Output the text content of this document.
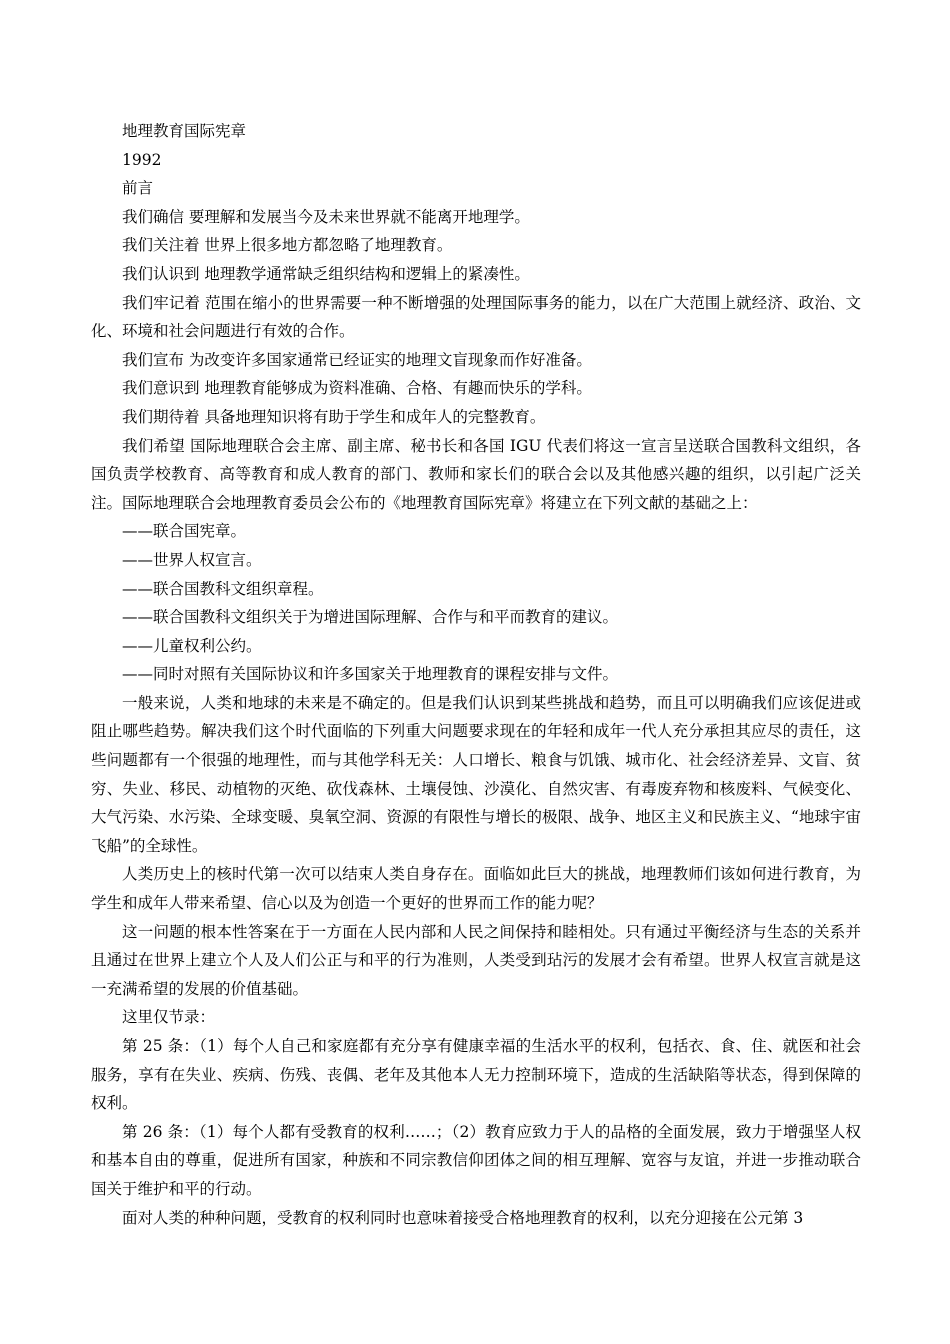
地理教育国际宪章

1992

前言

我们确信 要理解和发展当今及未来世界就不能离开地理学。

我们关注着 世界上很多地方都忽略了地理教育。

我们认识到 地理教学通常缺乏组织结构和逻辑上的紧凑性。

我们牢记着 范围在缩小的世界需要一种不断增强的处理国际事务的能力，以在广大范围上就经济、政治、文化、环境和社会问题进行有效的合作。

我们宣布 为改变许多国家通常已经证实的地理文盲现象而作好准备。

我们意识到 地理教育能够成为资料准确、合格、有趣而快乐的学科。

我们期待着 具备地理知识将有助于学生和成年人的完整教育。

我们希望 国际地理联合会主席、副主席、秘书长和各国 IGU 代表们将这一宣言呈送联合国教科文组织，各国负责学校教育、高等教育和成人教育的部门、教师和家长们的联合会以及其他感兴趣的组织，以引起广泛关注。国际地理联合会地理教育委员会公布的《地理教育国际宪章》将建立在下列文献的基础之上：

——联合国宪章。

——世界人权宣言。

——联合国教科文组织章程。

——联合国教科文组织关于为增进国际理解、合作与和平而教育的建议。

——儿童权利公约。

——同时对照有关国际协议和许多国家关于地理教育的课程安排与文件。

一般来说，人类和地球的未来是不确定的。但是我们认识到某些挑战和趋势，而且可以明确我们应该促进或阻止哪些趋势。解决我们这个时代面临的下列重大问题要求现在的年轻和成年一代人充分承担其应尽的责任，这些问题都有一个很强的地理性，而与其他学科无关：人口增长、粮食与饥饿、城市化、社会经济差异、文盲、贫穷、失业、移民、动植物的灭绝、砍伐森林、土壤侵蚀、沙漠化、自然灾害、有毒废弃物和核废料、气候变化、大气污染、水污染、全球变暖、臭氧空洞、资源的有限性与增长的极限、战争、地区主义和民族主义、“地球宇宙飞船”的全球性。

人类历史上的核时代第一次可以结束人类自身存在。面临如此巨大的挑战，地理教师们该如何进行教育，为学生和成年人带来希望、信心以及为创造一个更好的世界而工作的能力呢？

这一问题的根本性答案在于一方面在人民内部和人民之间保持和睦相处。只有通过平衡经济与生态的关系并且通过在世界上建立个人及人们公正与和平的行为准则，人类受到玷污的发展才会有希望。世界人权宣言就是这一充满希望的发展的价值基础。

这里仅节录：

第 25 条：（1）每个人自己和家庭都有充分享有健康幸福的生活水平的权利，包括衣、食、住、就医和社会服务，享有在失业、疾病、伤残、丧偶、老年及其他本人无力控制环境下，造成的生活缺陷等状态，得到保障的权利。

第 26 条：（1）每个人都有受教育的权利……；（2）教育应致力于人的品格的全面发展，致力于增强坚人权和基本自由的尊重，促进所有国家，种族和不同宗教信仰团体之间的相互理解、宽容与友谊，并进一步推动联合国关于维护和平的行动。

面对人类的种种问题，受教育的权利同时也意味着接受合格地理教育的权利，以充分迎接在公元第 3
